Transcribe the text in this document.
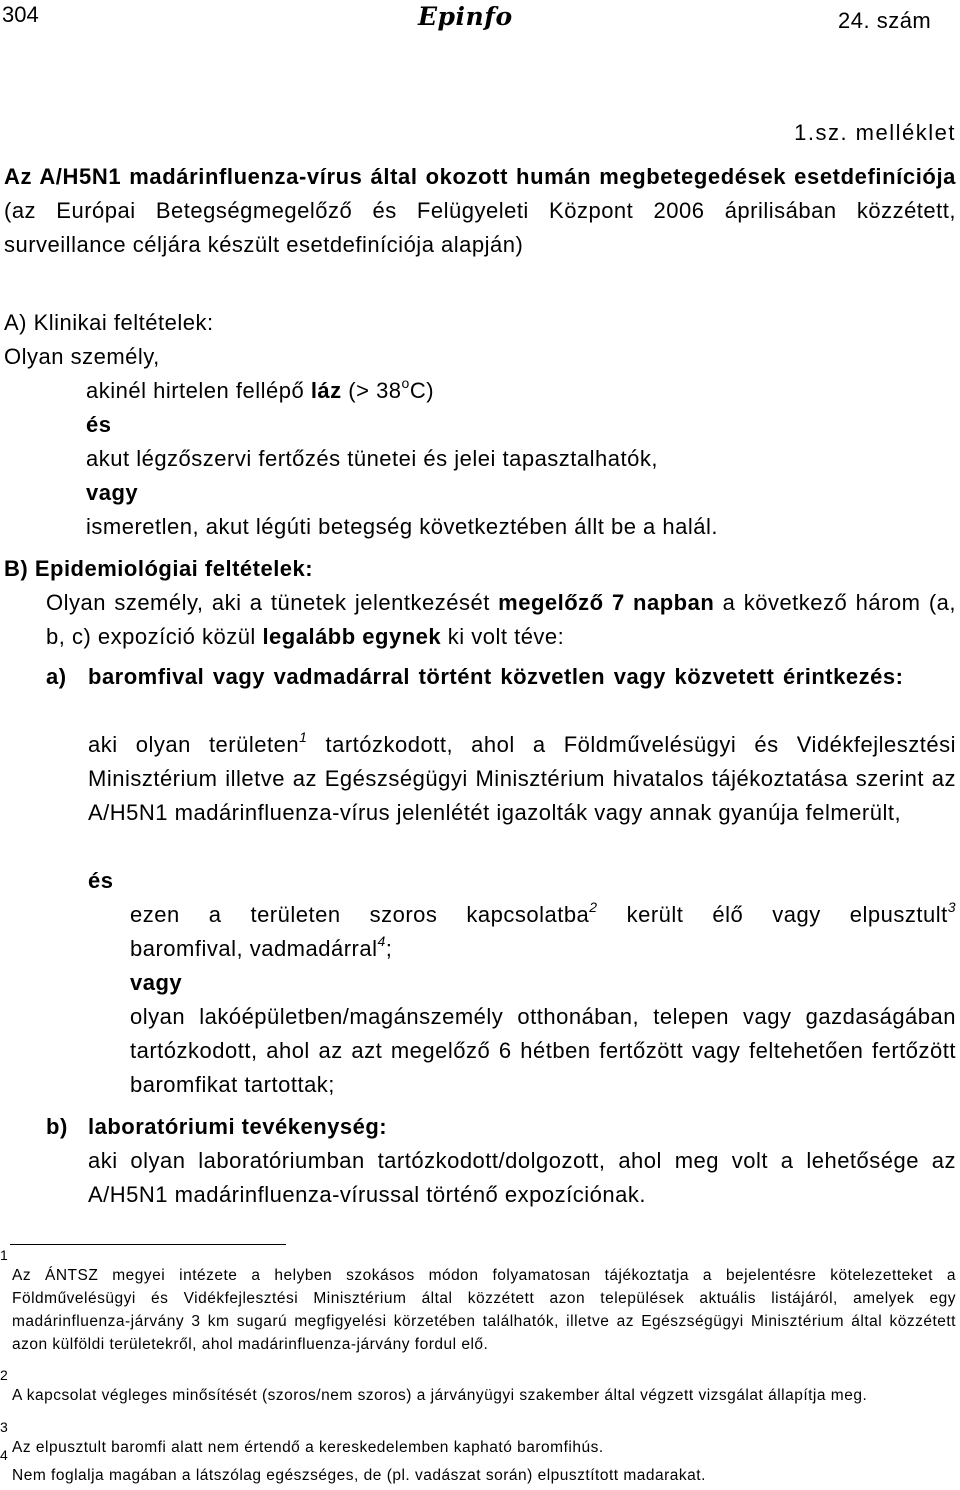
304	Epinfo	24. szám
1.sz. melléklet
Az A/H5N1 madárinfluenza-vírus által okozott humán megbetegedések esetdefiníciója (az Európai Betegségmegelőző és Felügyeleti Központ 2006 áprilisában közzétett, surveillance céljára készült esetdefiníciója alapján)
A) Klinikai feltételek:
Olyan személy,
akinél hirtelen fellépő láz (> $38^oC$)
és
akut légzőszervi fertőzés tünetei és jelei tapasztalhatók,
vagy
ismeretlen, akut légúti betegség következtében állt be a halál.
B) Epidemiológiai feltételek:
Olyan személy, aki a tünetek jelentkezését megelőző 7 napban a következő három (a, b, c) expozíció közül legalább egynek ki volt téve:
a) baromfival vagy vadmadárral történt közvetlen vagy közvetett érintkezés:
aki olyan területen$^1$ tartózkodott, ahol a Földművelésügyi és Vidékfejlesztési Minisztérium illetve az Egészségügyi Minisztérium hivatalos tájékoztatása szerint az A/H5N1 madárinfluenza-vírus jelenlétét igazolták vagy annak gyanúja felmerült,
és
ezen a területen szoros kapcsolatba$^2$ került élő vagy elpusztult$^3$
baromfival, vadmadárral$^4$;
vagy
olyan lakóépületben/magánszemély otthonában, telepen vagy gazdaságában tartózkodott, ahol az azt megelőző 6 hétben fertőzött vagy feltehetően fertőzött baromfikat tartottak;
b) laboratóriumi tevékenység:
aki olyan laboratóriumban tartózkodott/dolgozott, ahol meg volt a lehetősége az A/H5N1 madárinfluenza-vírussal történő expozíciónak.
1
Az ÁNTSZ megyei intézete a helyben szokásos módon folyamatosan tájékoztatja a bejelentésre kötelezetteket a Földművelésügyi és Vidékfejlesztési Minisztérium által közzétett azon települések aktuális listájáról, amelyek egy madárinfluenza-járvány 3 km sugarú megfigyelési körzetében találhatók, illetve az Egészségügyi Minisztérium által közzétett azon külföldi területekről, ahol madárinfluenza-járvány fordul elő.
2
A kapcsolat végleges minősítését (szoros/nem szoros) a járványügyi szakember által végzett vizsgálat állapítja meg.
3
Az elpusztult baromfi alatt nem értendő a kereskedelemben kapható baromfihús.
4
Nem foglalja magában a látszólag egészséges, de (pl. vadászat során) elpusztított madarakat.
